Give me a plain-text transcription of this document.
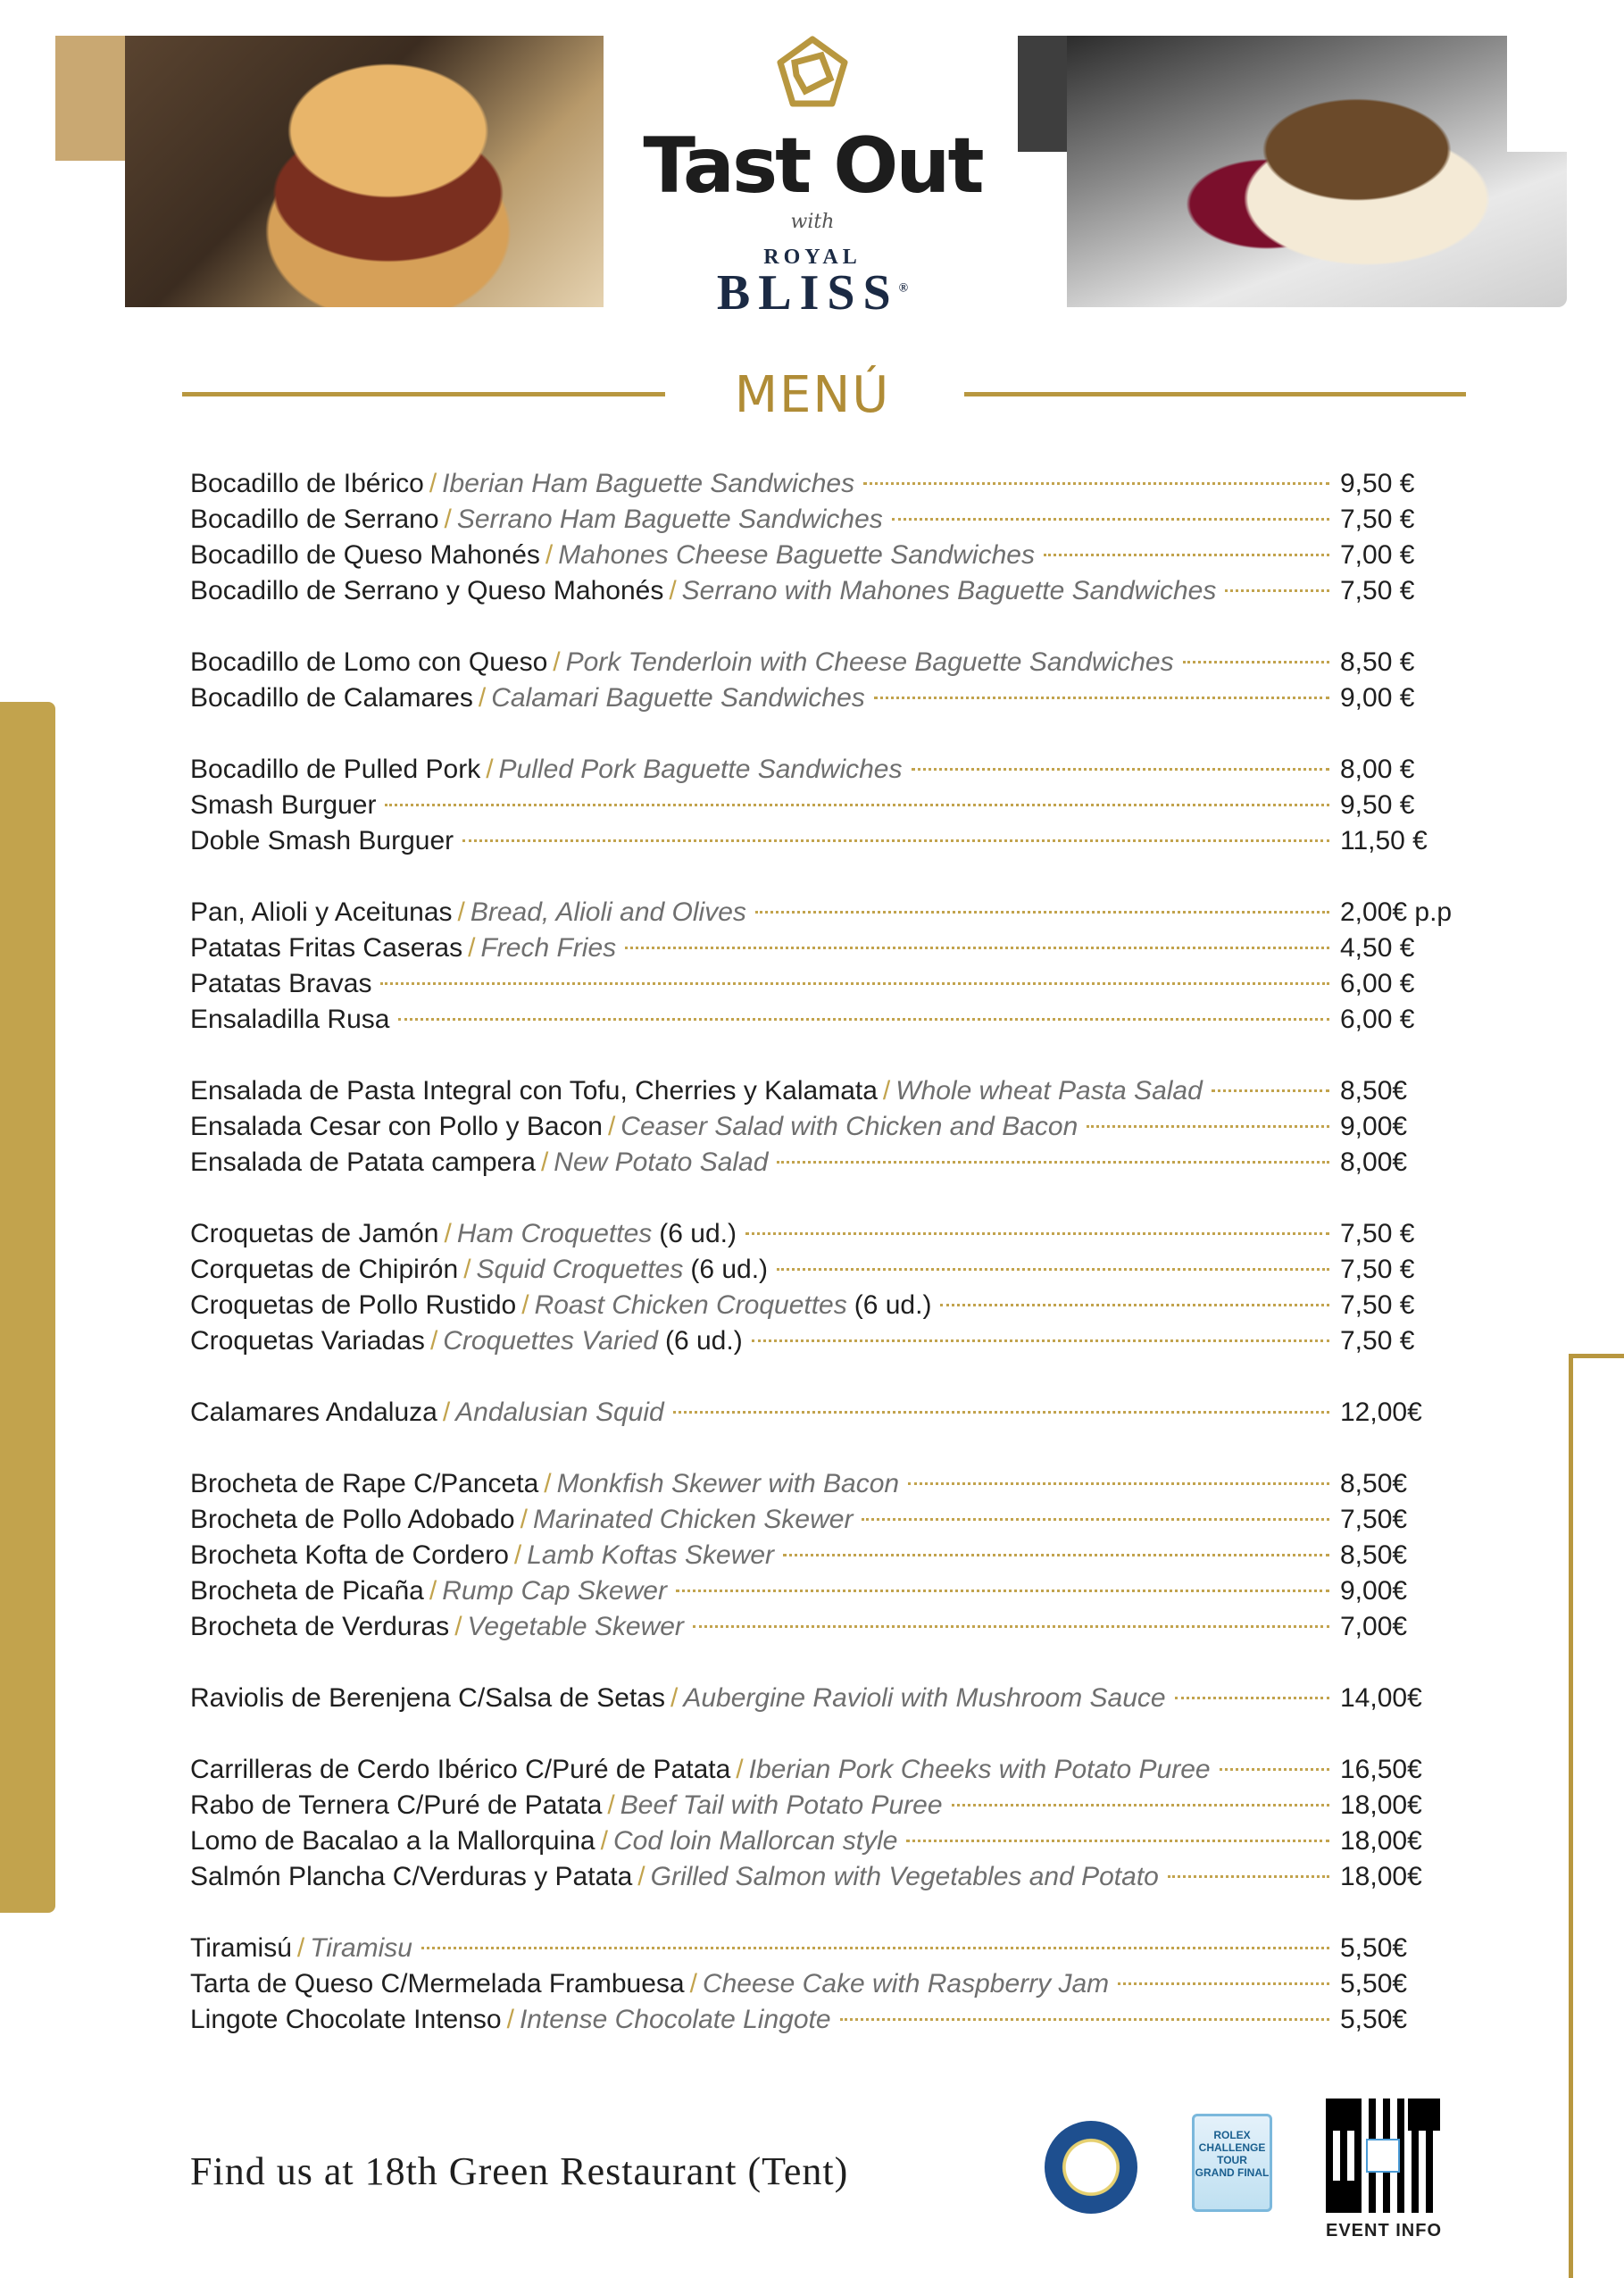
Tast Out
with
ROYAL
BLISS®
MENÚ
Bocadillo de Ibérico / Iberian Ham Baguette Sandwiches	9,50 €
Bocadillo de Serrano / Serrano Ham Baguette Sandwiches	7,50 €
Bocadillo de Queso Mahonés / Mahones Cheese Baguette Sandwiches	7,00 €
Bocadillo de Serrano y Queso Mahonés / Serrano with Mahones Baguette Sandwiches	7,50 €
Bocadillo de Lomo con Queso / Pork Tenderloin with Cheese Baguette Sandwiches	8,50 €
Bocadillo de Calamares / Calamari Baguette Sandwiches	9,00 €
Bocadillo de Pulled Pork / Pulled Pork Baguette Sandwiches	8,00 €
Smash Burguer	9,50 €
Doble Smash Burguer	11,50 €
Pan, Alioli y Aceitunas / Bread, Alioli and Olives	2,00€ p.p
Patatas Fritas Caseras / Frech Fries	4,50 €
Patatas Bravas	6,00 €
Ensaladilla Rusa	6,00 €
Ensalada de Pasta Integral con Tofu, Cherries y Kalamata / Whole wheat Pasta Salad	8,50€
Ensalada Cesar con Pollo y Bacon / Ceaser Salad with Chicken and Bacon	9,00€
Ensalada de Patata campera / New Potato Salad	8,00€
Croquetas de Jamón / Ham Croquettes (6 ud.)	7,50 €
Corquetas de Chipirón / Squid Croquettes (6 ud.)	7,50 €
Croquetas de Pollo Rustido / Roast Chicken Croquettes (6 ud.)	7,50 €
Croquetas Variadas / Croquettes Varied (6 ud.)	7,50 €
Calamares Andaluza / Andalusian Squid	12,00€
Brocheta de Rape C/Panceta / Monkfish Skewer with Bacon	8,50€
Brocheta de Pollo Adobado / Marinated Chicken Skewer	7,50€
Brocheta Kofta de Cordero / Lamb Koftas Skewer	8,50€
Brocheta de Picaña / Rump Cap Skewer	9,00€
Brocheta de Verduras / Vegetable Skewer	7,00€
Raviolis de Berenjena C/Salsa de Setas / Aubergine Ravioli with Mushroom Sauce	14,00€
Carrilleras de Cerdo Ibérico C/Puré de Patata / Iberian Pork Cheeks with Potato Puree	16,50€
Rabo de Ternera C/Puré de Patata / Beef Tail with Potato Puree	18,00€
Lomo de Bacalao a la Mallorquina / Cod loin Mallorcan style	18,00€
Salmón Plancha C/Verduras y Patata / Grilled Salmon with Vegetables and Potato	18,00€
Tiramisú / Tiramisu	5,50€
Tarta de Queso C/Mermelada Frambuesa / Cheese Cake with Raspberry Jam	5,50€
Lingote Chocolate Intenso / Intense Chocolate Lingote	5,50€
Find us at 18th Green Restaurant (Tent)
ROLEX
CHALLENGE TOUR
GRAND FINAL
EVENT INFO
